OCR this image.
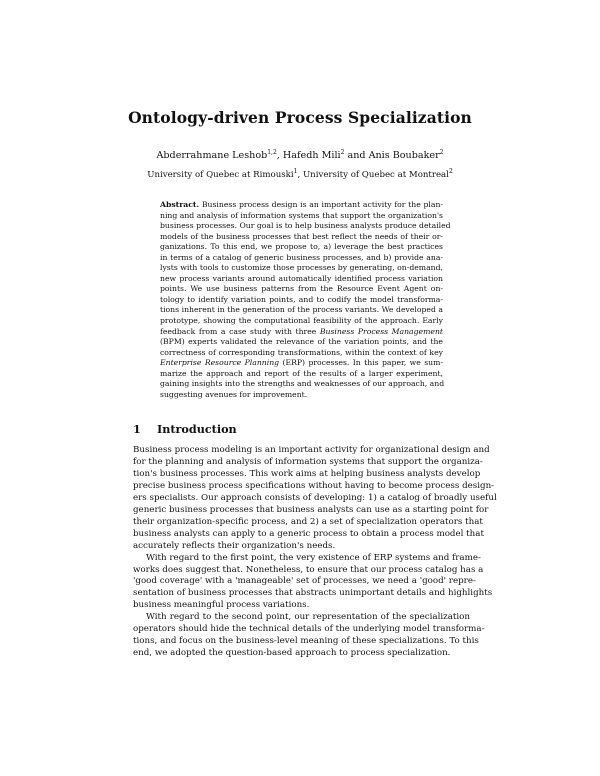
Ontology-driven Process Specialization
Abderrahmane Leshob$^{1,2}$, Hafedh Mili$^2$ and Anis Boubaker$^2$
University of Quebec at Rimouski$^1$, University of Quebec at Montreal$^2$
Abstract. Business process design is an important activity for the plan-
ning and analysis of information systems that support the organization's
business processes. Our goal is to help business analysts produce detailed
models of the business processes that best reflect the needs of their or-
ganizations. To this end, we propose to, a) leverage the best practices
in terms of a catalog of generic business processes, and b) provide ana-
lysts with tools to customize those processes by generating, on-demand,
new process variants around automatically identified process variation
points. We use business patterns from the Resource Event Agent on-
tology to identify variation points, and to codify the model transforma-
tions inherent in the generation of the process variants. We developed a
prototype, showing the computational feasibility of the approach. Early
feedback from a case study with three Business Process Management
(BPM) experts validated the relevance of the variation points, and the
correctness of corresponding transformations, within the context of key
Enterprise Resource Planning (ERP) processes. In this paper, we sum-
marize the approach and report of the results of a larger experiment,
gaining insights into the strengths and weaknesses of our approach, and
suggesting avenues for improvement.
1 Introduction

Business process modeling is an important activity for organizational design and
for the planning and analysis of information systems that support the organiza-
tion's business processes. This work aims at helping business analysts develop
precise business process specifications without having to become process design-
ers specialists. Our approach consists of developing: 1) a catalog of broadly useful
generic business processes that business analysts can use as a starting point for
their organization-specific process, and 2) a set of specialization operators that
business analysts can apply to a generic process to obtain a process model that
accurately reflects their organization's needs.

With regard to the first point, the very existence of ERP systems and frame-
works does suggest that. Nonetheless, to ensure that our process catalog has a
'good coverage' with a 'manageable' set of processes, we need a 'good' repre-
sentation of business processes that abstracts unimportant details and highlights
business meaningful process variations.

With regard to the second point, our representation of the specialization
operators should hide the technical details of the underlying model transforma-
tions, and focus on the business-level meaning of these specializations. To this
end, we adopted the question-based approach to process specialization.
